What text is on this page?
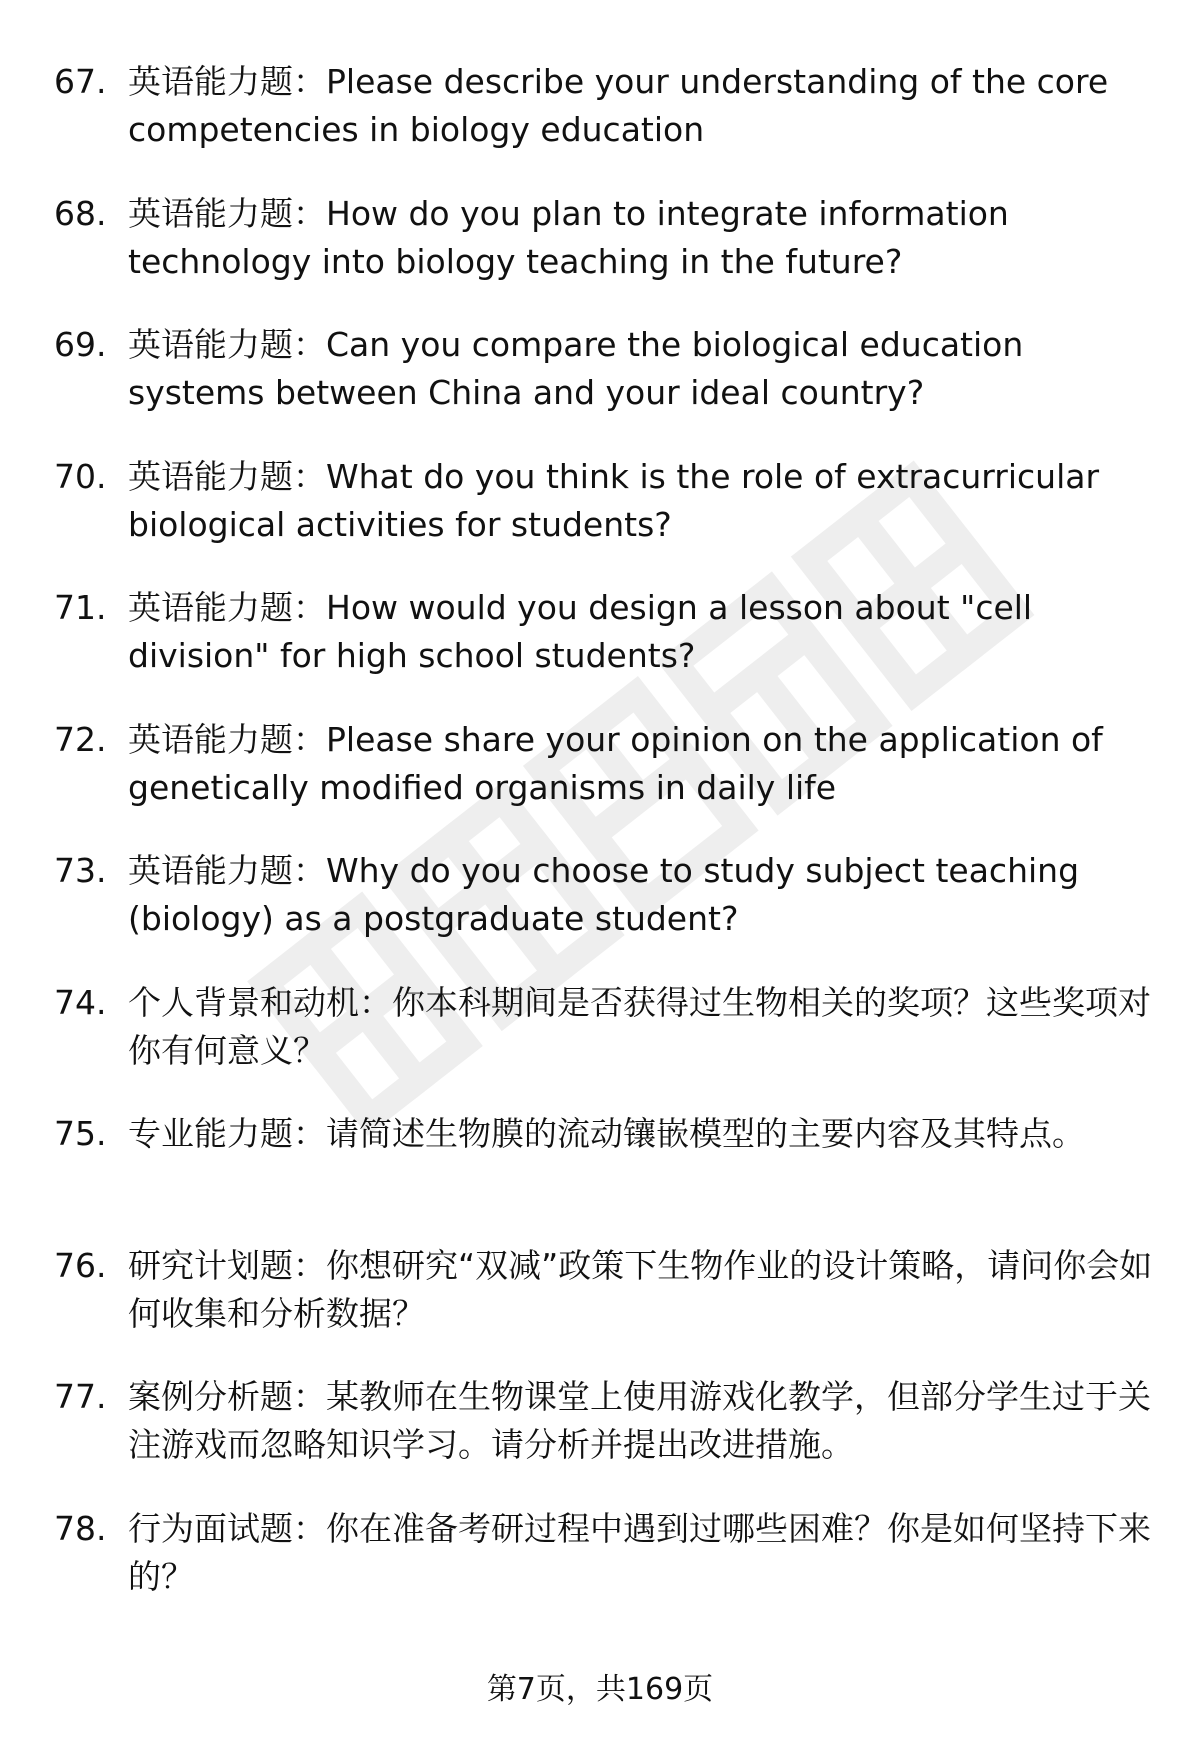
67. 英语能力题：Please describe your understanding of the core competencies in biology education
68. 英语能力题：How do you plan to integrate information technology into biology teaching in the future?
69. 英语能力题：Can you compare the biological education systems between China and your ideal country?
70. 英语能力题：What do you think is the role of extracurricular biological activities for students?
71. 英语能力题：How would you design a lesson about "cell division" for high school students?
72. 英语能力题：Please share your opinion on the application of genetically modified organisms in daily life
73. 英语能力题：Why do you choose to study subject teaching (biology) as a postgraduate student?
74. 个人背景和动机：你本科期间是否获得过生物相关的奖项？这些奖项对你有何意义？
75. 专业能力题：请简述生物膜的流动镶嵌模型的主要内容及其特点。
76. 研究计划题：你想研究“双减”政策下生物作业的设计策略，请问你会如何收集和分析数据？
77. 案例分析题：某教师在生物课堂上使用游戏化教学，但部分学生过于关注游戏而忽略知识学习。请分析并提出改进措施。
78. 行为面试题：你在准备考研过程中遇到过哪些困难？你是如何坚持下来的？
第7页，共169页
